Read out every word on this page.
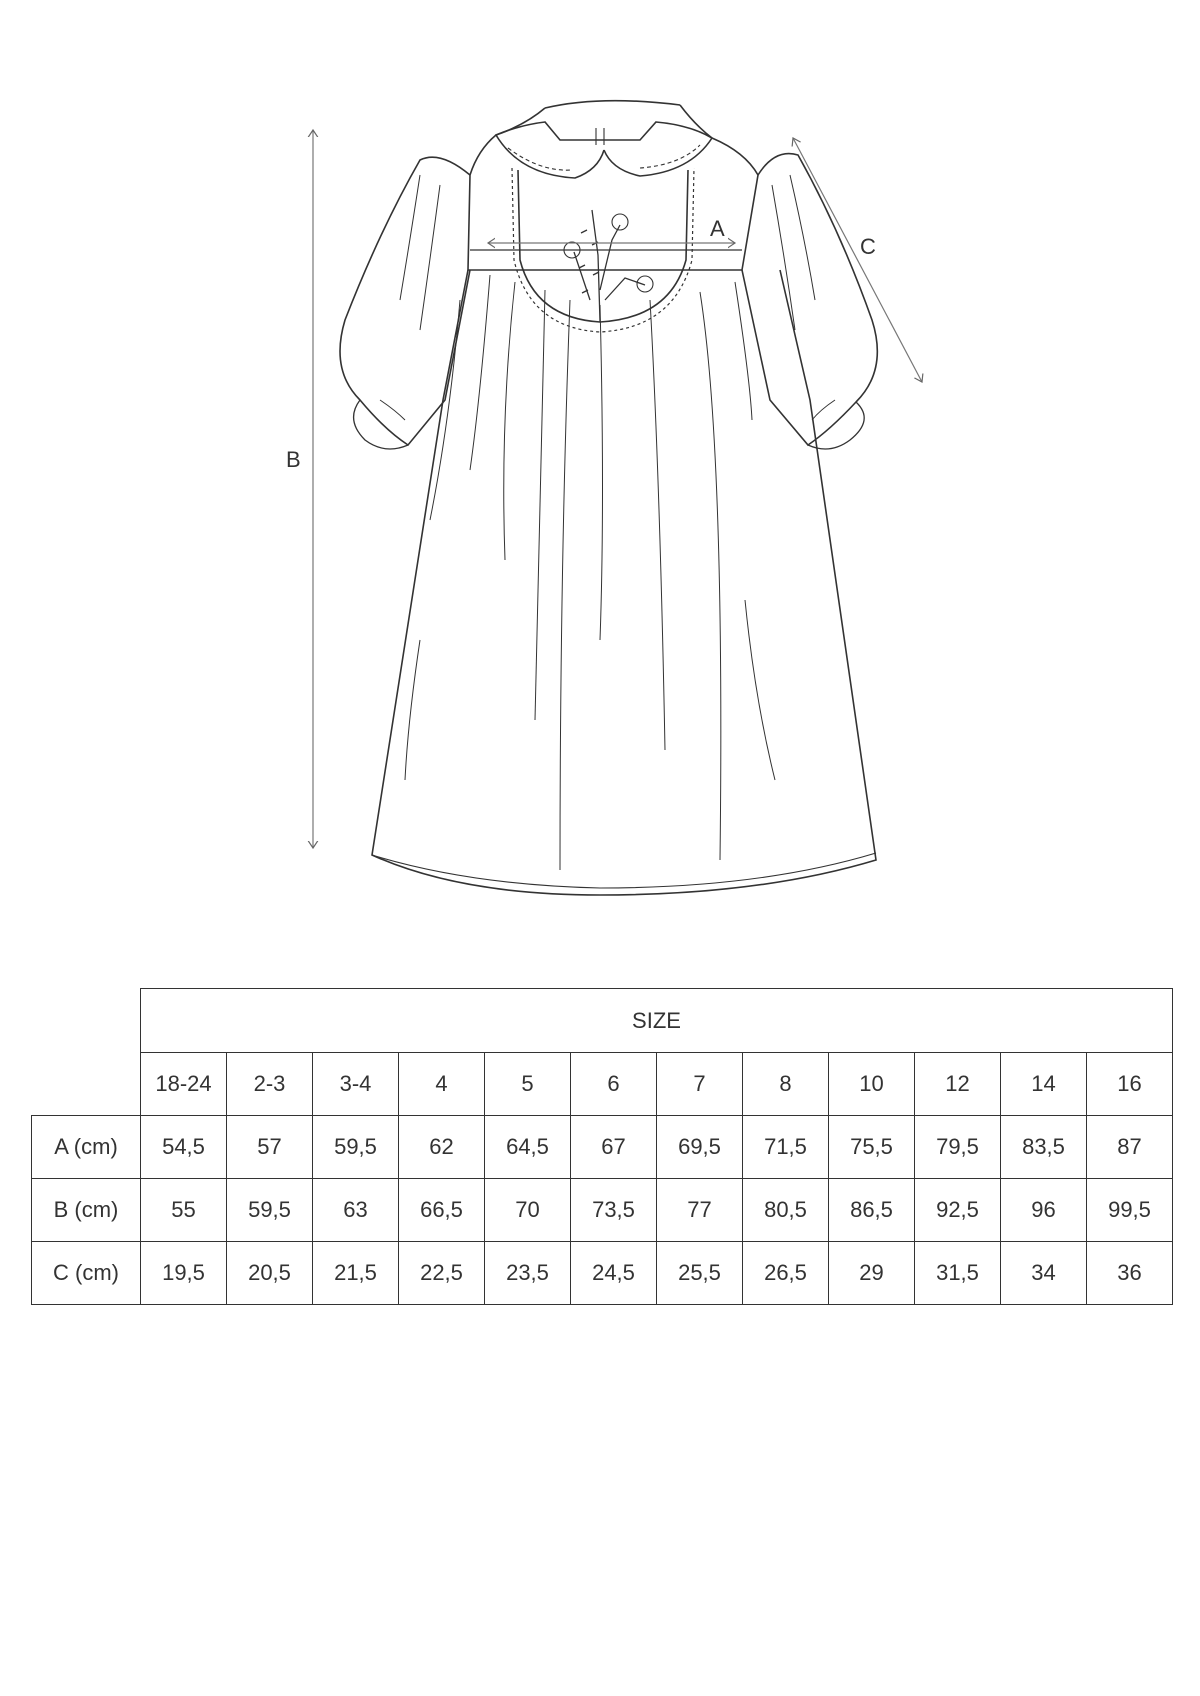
A
B
C
	SIZE											
	18-24	2-3	3-4	4	5	6	7	8	10	12	14	16
A (cm)	54,5	57	59,5	62	64,5	67	69,5	71,5	75,5	79,5	83,5	87
B (cm)	55	59,5	63	66,5	70	73,5	77	80,5	86,5	92,5	96	99,5
C (cm)	19,5	20,5	21,5	22,5	23,5	24,5	25,5	26,5	29	31,5	34	36
